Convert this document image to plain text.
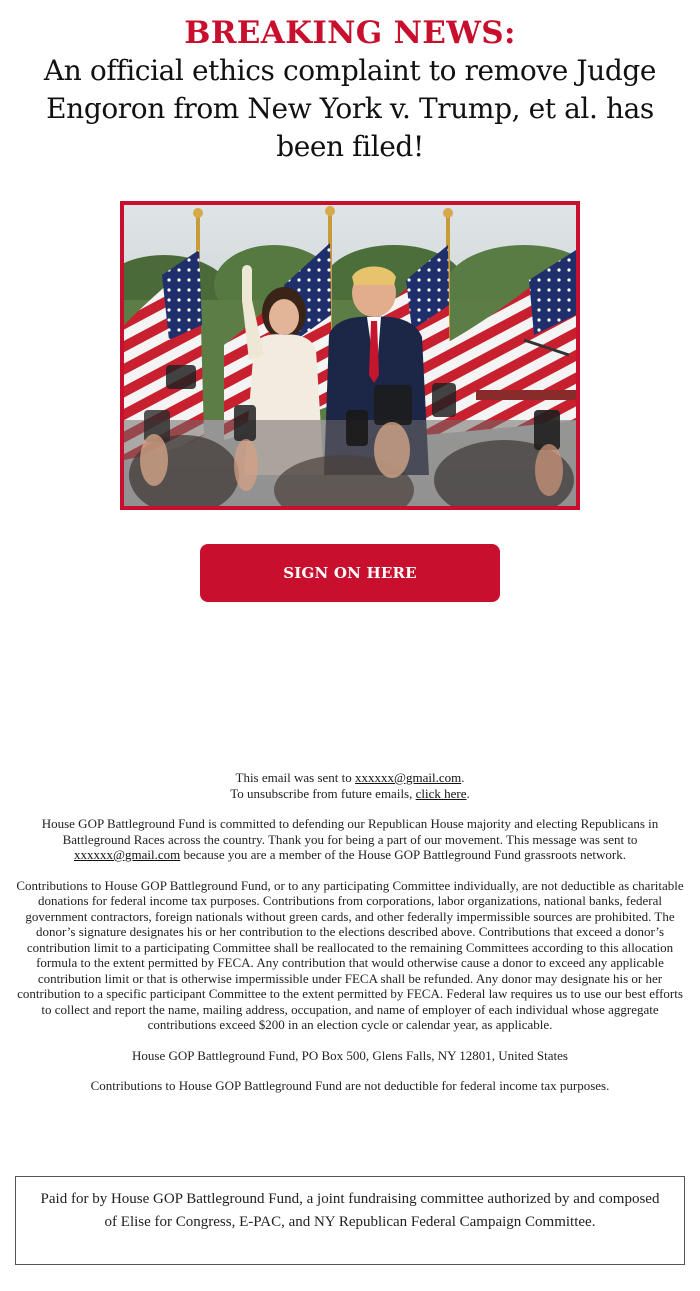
BREAKING NEWS:
An official ethics complaint to remove Judge Engoron from New York v. Trump, et al. has been filed!
SIGN ON HERE

This email was sent to xxxxxx@gmail.com.
To unsubscribe from future emails, click here.

House GOP Battleground Fund is committed to defending our Republican House majority and electing Republicans in Battleground Races across the country. Thank you for being a part of our movement. This message was sent to xxxxxx@gmail.com because you are a member of the House GOP Battleground Fund grassroots network.

Contributions to House GOP Battleground Fund, or to any participating Committee individually, are not deductible as charitable donations for federal income tax purposes. Contributions from corporations, labor organizations, national banks, federal government contractors, foreign nationals without green cards, and other federally impermissible sources are prohibited. The donor’s signature designates his or her contribution to the elections described above. Contributions that exceed a donor’s contribution limit to a participating Committee shall be reallocated to the remaining Committees according to this allocation formula to the extent permitted by FECA. Any contribution that would otherwise cause a donor to exceed any applicable contribution limit or that is otherwise impermissible under FECA shall be refunded. Any donor may designate his or her contribution to a specific participant Committee to the extent permitted by FECA. Federal law requires us to use our best efforts to collect and report the name, mailing address, occupation, and name of employer of each individual whose aggregate contributions exceed $200 in an election cycle or calendar year, as applicable.

House GOP Battleground Fund, PO Box 500, Glens Falls, NY 12801, United States

Contributions to House GOP Battleground Fund are not deductible for federal income tax purposes.

Paid for by House GOP Battleground Fund, a joint fundraising committee authorized by and composed of Elise for Congress, E-PAC, and NY Republican Federal Campaign Committee.
